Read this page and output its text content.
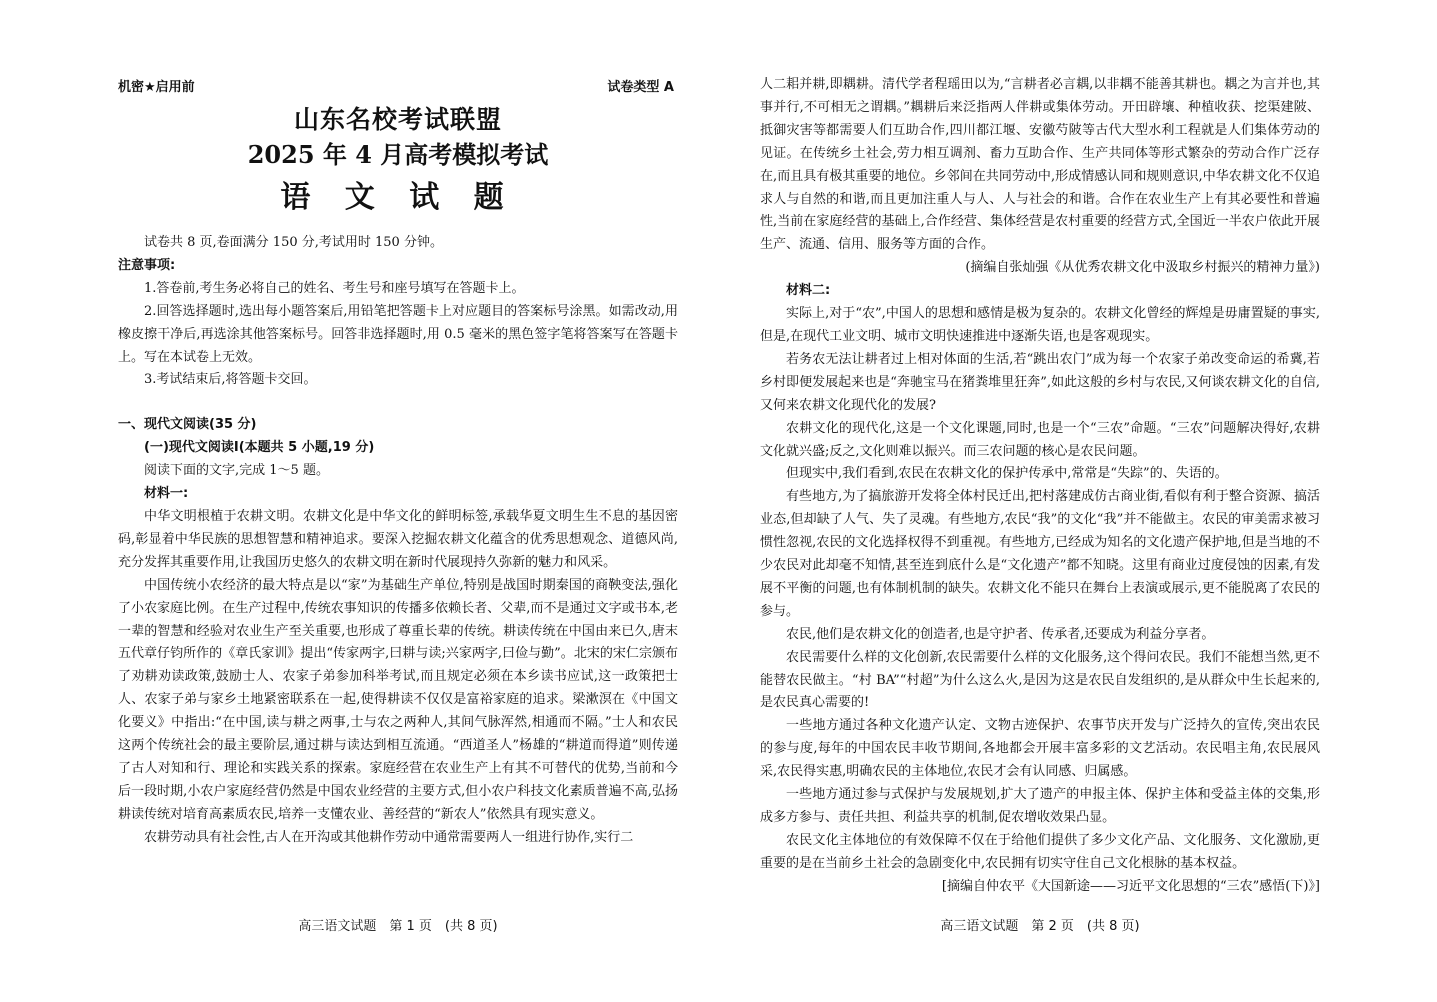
机密★启用前	试卷类型 A
山东名校考试联盟
2025 年 4 月高考模拟考试
语 文 试 题

试卷共 8 页,卷面满分 150 分,考试用时 150 分钟。

注意事项:

1.答卷前,考生务必将自己的姓名、考生号和座号填写在答题卡上。

2.回答选择题时,选出每小题答案后,用铅笔把答题卡上对应题目的答案标号涂黑。如需改动,用橡皮擦干净后,再选涂其他答案标号。回答非选择题时,用 0.5 毫米的黑色签字笔将答案写在答题卡上。写在本试卷上无效。

3.考试结束后,将答题卡交回。

一、现代文阅读(35 分)

(一)现代文阅读Ⅰ(本题共 5 小题,19 分)

阅读下面的文字,完成 1～5 题。

材料一:

中华文明根植于农耕文明。农耕文化是中华文化的鲜明标签,承载华夏文明生生不息的基因密码,彰显着中华民族的思想智慧和精神追求。要深入挖掘农耕文化蕴含的优秀思想观念、道德风尚,充分发挥其重要作用,让我国历史悠久的农耕文明在新时代展现持久弥新的魅力和风采。

中国传统小农经济的最大特点是以“家”为基础生产单位,特别是战国时期秦国的商鞅变法,强化了小农家庭比例。在生产过程中,传统农事知识的传播多依赖长者、父辈,而不是通过文字或书本,老一辈的智慧和经验对农业生产至关重要,也形成了尊重长辈的传统。耕读传统在中国由来已久,唐末五代章仔钧所作的《章氏家训》提出“传家两字,曰耕与读;兴家两字,曰俭与勤”。北宋的宋仁宗颁布了劝耕劝读政策,鼓励士人、农家子弟参加科举考试,而且规定必须在本乡读书应试,这一政策把士人、农家子弟与家乡土地紧密联系在一起,使得耕读不仅仅是富裕家庭的追求。梁漱溟在《中国文化要义》中指出:“在中国,读与耕之两事,士与农之两种人,其间气脉浑然,相通而不隔。”士人和农民这两个传统社会的最主要阶层,通过耕与读达到相互流通。“西道圣人”杨雄的“耕道而得道”则传递了古人对知和行、理论和实践关系的探索。家庭经营在农业生产上有其不可替代的优势,当前和今后一段时期,小农户家庭经营仍然是中国农业经营的主要方式,但小农户科技文化素质普遍不高,弘扬耕读传统对培育高素质农民,培养一支懂农业、善经营的“新农人”依然具有现实意义。

农耕劳动具有社会性,古人在开沟或其他耕作劳动中通常需要两人一组进行协作,实行二

高三语文试题　第 1 页　(共 8 页)

人二耜并耕,即耦耕。清代学者程瑶田以为,“言耕者必言耦,以非耦不能善其耕也。耦之为言并也,其事并行,不可相无之谓耦。”耦耕后来泛指两人伴耕或集体劳动。开田辟壤、种植收获、挖渠建陂、抵御灾害等都需要人们互助合作,四川都江堰、安徽芍陂等古代大型水利工程就是人们集体劳动的见证。在传统乡土社会,劳力相互调剂、畜力互助合作、生产共同体等形式繁杂的劳动合作广泛存在,而且具有极其重要的地位。乡邻间在共同劳动中,形成情感认同和规则意识,中华农耕文化不仅追求人与自然的和谐,而且更加注重人与人、人与社会的和谐。合作在农业生产上有其必要性和普遍性,当前在家庭经营的基础上,合作经营、集体经营是农村重要的经营方式,全国近一半农户依此开展生产、流通、信用、服务等方面的合作。

(摘编自张灿强《从优秀农耕文化中汲取乡村振兴的精神力量》)

材料二:

实际上,对于“农”,中国人的思想和感情是极为复杂的。农耕文化曾经的辉煌是毋庸置疑的事实,但是,在现代工业文明、城市文明快速推进中逐渐失语,也是客观现实。

若务农无法让耕者过上相对体面的生活,若“跳出农门”成为每一个农家子弟改变命运的希冀,若乡村即便发展起来也是“奔驰宝马在猪粪堆里狂奔”,如此这般的乡村与农民,又何谈农耕文化的自信,又何来农耕文化现代化的发展?

农耕文化的现代化,这是一个文化课题,同时,也是一个“三农”命题。“三农”问题解决得好,农耕文化就兴盛;反之,文化则难以振兴。而三农问题的核心是农民问题。

但现实中,我们看到,农民在农耕文化的保护传承中,常常是“失踪”的、失语的。

有些地方,为了搞旅游开发将全体村民迁出,把村落建成仿古商业街,看似有利于整合资源、搞活业态,但却缺了人气、失了灵魂。有些地方,农民“我”的文化“我”并不能做主。农民的审美需求被习惯性忽视,农民的文化选择权得不到重视。有些地方,已经成为知名的文化遗产保护地,但是当地的不少农民对此却毫不知情,甚至连到底什么是“文化遗产”都不知晓。这里有商业过度侵蚀的因素,有发展不平衡的问题,也有体制机制的缺失。农耕文化不能只在舞台上表演或展示,更不能脱离了农民的参与。

农民,他们是农耕文化的创造者,也是守护者、传承者,还要成为利益分享者。

农民需要什么样的文化创新,农民需要什么样的文化服务,这个得问农民。我们不能想当然,更不能替农民做主。“村 BA”“村超”为什么这么火,是因为这是农民自发组织的,是从群众中生长起来的,是农民真心需要的!

一些地方通过各种文化遗产认定、文物古迹保护、农事节庆开发与广泛持久的宣传,突出农民的参与度,每年的中国农民丰收节期间,各地都会开展丰富多彩的文艺活动。农民唱主角,农民展风采,农民得实惠,明确农民的主体地位,农民才会有认同感、归属感。

一些地方通过参与式保护与发展规划,扩大了遗产的申报主体、保护主体和受益主体的交集,形成多方参与、责任共担、利益共享的机制,促农增收效果凸显。

农民文化主体地位的有效保障不仅在于给他们提供了多少文化产品、文化服务、文化激励,更重要的是在当前乡土社会的急剧变化中,农民拥有切实守住自己文化根脉的基本权益。

[摘编自仲农平《大国新途——习近平文化思想的“三农”感悟(下)》]

高三语文试题　第 2 页　(共 8 页)
